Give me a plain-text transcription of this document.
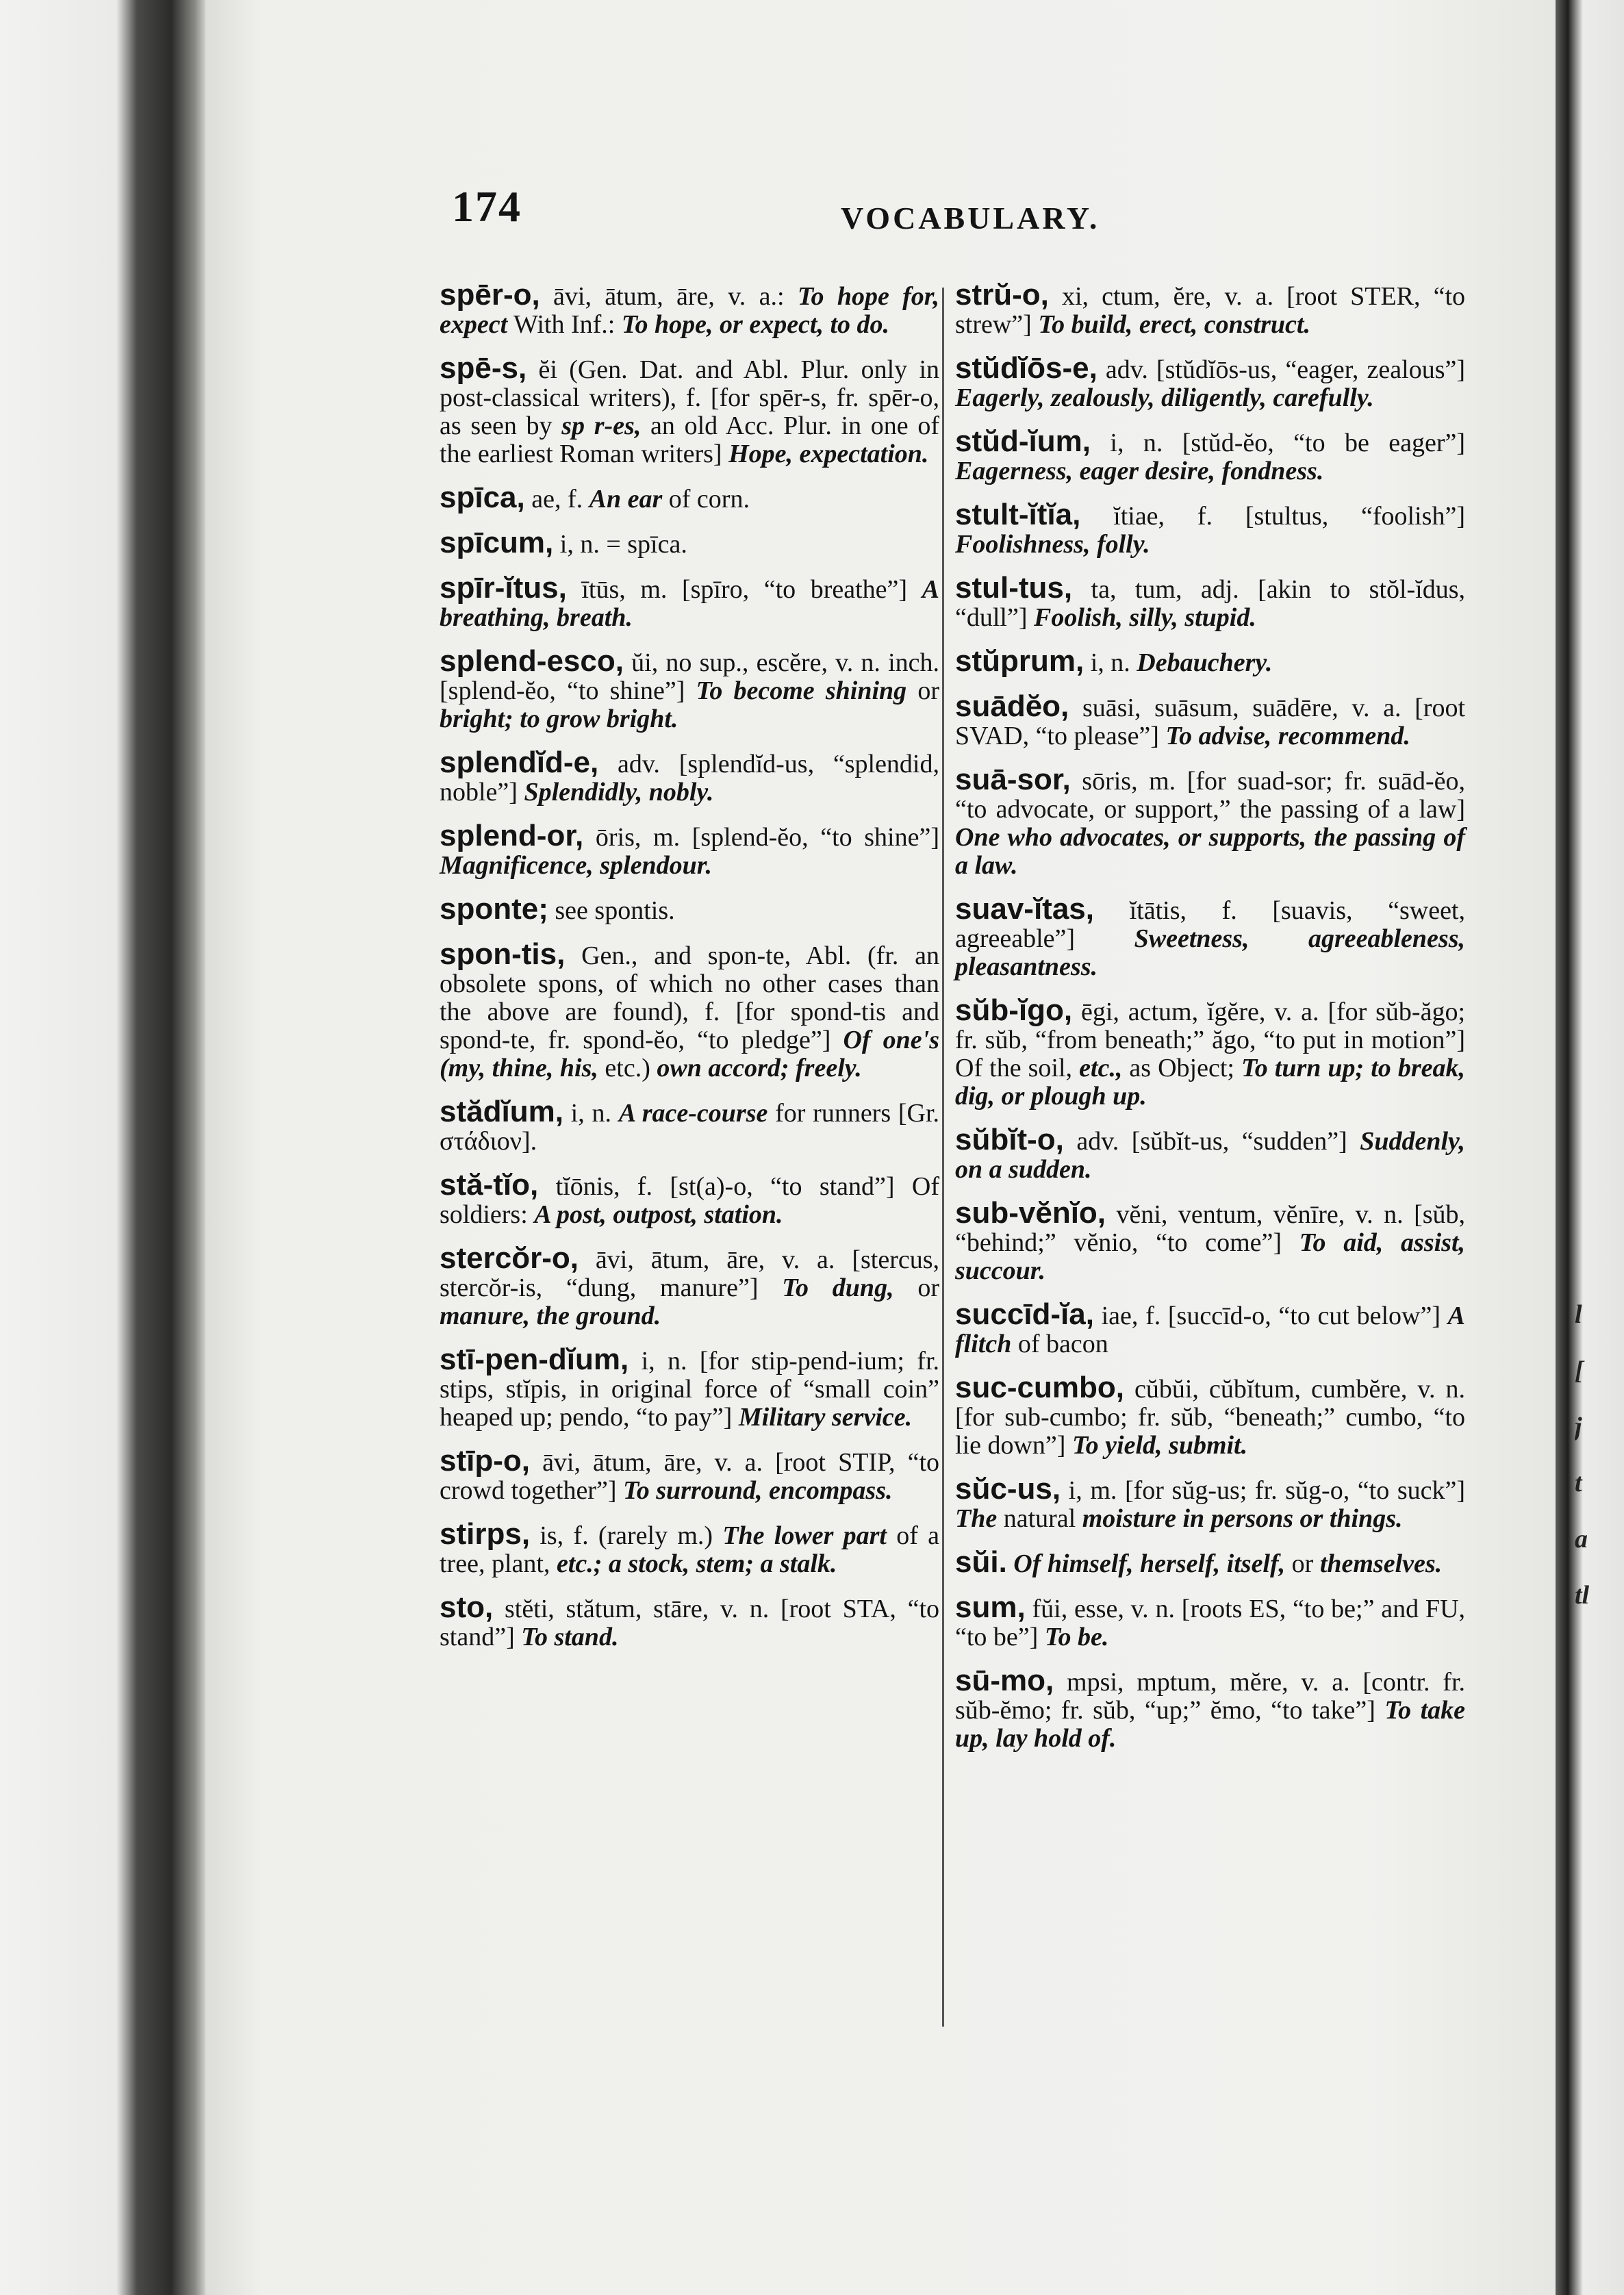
174	VOCABULARY.
spēr-o, āvi, ātum, āre, v. a.: To hope for, expect With Inf.: To hope, or expect, to do.
spē-s, ĕi (Gen. Dat. and Abl. Plur. only in post-classical writers), f. [for spēr-s, fr. spēr-o, as seen by sp r-es, an old Acc. Plur. in one of the earliest Roman writers] Hope, expectation.
spīca, ae, f. An ear of corn.
spīcum, i, n. = spīca.
spīr-ĭtus, ītūs, m. [spīro, “to breathe”] A breathing, breath.
splend-esco, ŭi, no sup., escĕre, v. n. inch. [splend-ĕo, “to shine”] To become shining or bright; to grow bright.
splendĭd-e, adv. [splendĭd-us, “splendid, noble”] Splendidly, nobly.
splend-or, ōris, m. [splend-ĕo, “to shine”] Magnificence, splendour.
sponte; see spontis.
spon-tis, Gen., and spon-te, Abl. (fr. an obsolete spons, of which no other cases than the above are found), f. [for spond-tis and spond-te, fr. spond-ĕo, “to pledge”] Of one's (my, thine, his, etc.) own accord; freely.
stădĭum, i, n. A race-course for runners [Gr. στάδιον].
stă-tĭo, tĭōnis, f. [st(a)-o, “to stand”] Of soldiers: A post, outpost, station.
stercŏr-o, āvi, ātum, āre, v. a. [stercus, stercŏr-is, “dung, manure”] To dung, or manure, the ground.
stī-pen-dĭum, i, n. [for stip-pend-ium; fr. stips, stĭpis, in original force of “small coin” heaped up; pendo, “to pay”] Military service.
stīp-o, āvi, ātum, āre, v. a. [root STIP, “to crowd together”] To surround, encompass.
stirps, is, f. (rarely m.) The lower part of a tree, plant, etc.; a stock, stem; a stalk.
sto, stĕti, stătum, stāre, v. n. [root STA, “to stand”] To stand.
strŭ-o, xi, ctum, ĕre, v. a. [root STER, “to strew”] To build, erect, construct.
stŭdĭōs-e, adv. [stŭdĭōs-us, “eager, zealous”] Eagerly, zealously, diligently, carefully.
stŭd-ĭum, i, n. [stŭd-ĕo, “to be eager”] Eagerness, eager desire, fondness.
stult-ĭtĭa, ĭtiae, f. [stultus, “foolish”] Foolishness, folly.
stul-tus, ta, tum, adj. [akin to stŏl-ĭdus, “dull”] Foolish, silly, stupid.
stŭprum, i, n. Debauchery.
suādĕo, suāsi, suāsum, suādēre, v. a. [root SVAD, “to please”] To advise, recommend.
suā-sor, sōris, m. [for suad-sor; fr. suād-ĕo, “to advocate, or support,” the passing of a law] One who advocates, or supports, the passing of a law.
suav-ĭtas, ĭtātis, f. [suavis, “sweet, agreeable”] Sweetness, agreeableness, pleasantness.
sŭb-ĭgo, ēgi, actum, ĭgĕre, v. a. [for sŭb-ăgo; fr. sŭb, “from beneath;” ăgo, “to put in motion”] Of the soil, etc., as Object; To turn up; to break, dig, or plough up.
sŭbĭt-o, adv. [sŭbĭt-us, “sudden”] Suddenly, on a sudden.
sub-vĕnĭo, vĕni, ventum, vĕnīre, v. n. [sŭb, “behind;” vĕnio, “to come”] To aid, assist, succour.
succīd-ĭa, iae, f. [succīd-o, “to cut below”] A flitch of bacon
suc-cumbo, cŭbŭi, cŭbĭtum, cumbĕre, v. n. [for sub-cumbo; fr. sŭb, “beneath;” cumbo, “to lie down”] To yield, submit.
sŭc-us, i, m. [for sŭg-us; fr. sŭg-o, “to suck”] The natural moisture in persons or things.
sŭi. Of himself, herself, itself, or themselves.
sum, fŭi, esse, v. n. [roots ES, “to be;” and FU, “to be”] To be.
sū-mo, mpsi, mptum, mĕre, v. a. [contr. fr. sŭb-ĕmo; fr. sŭb, “up;” ĕmo, “to take”] To take up, lay hold of.
l
[
j
t
a
tl
